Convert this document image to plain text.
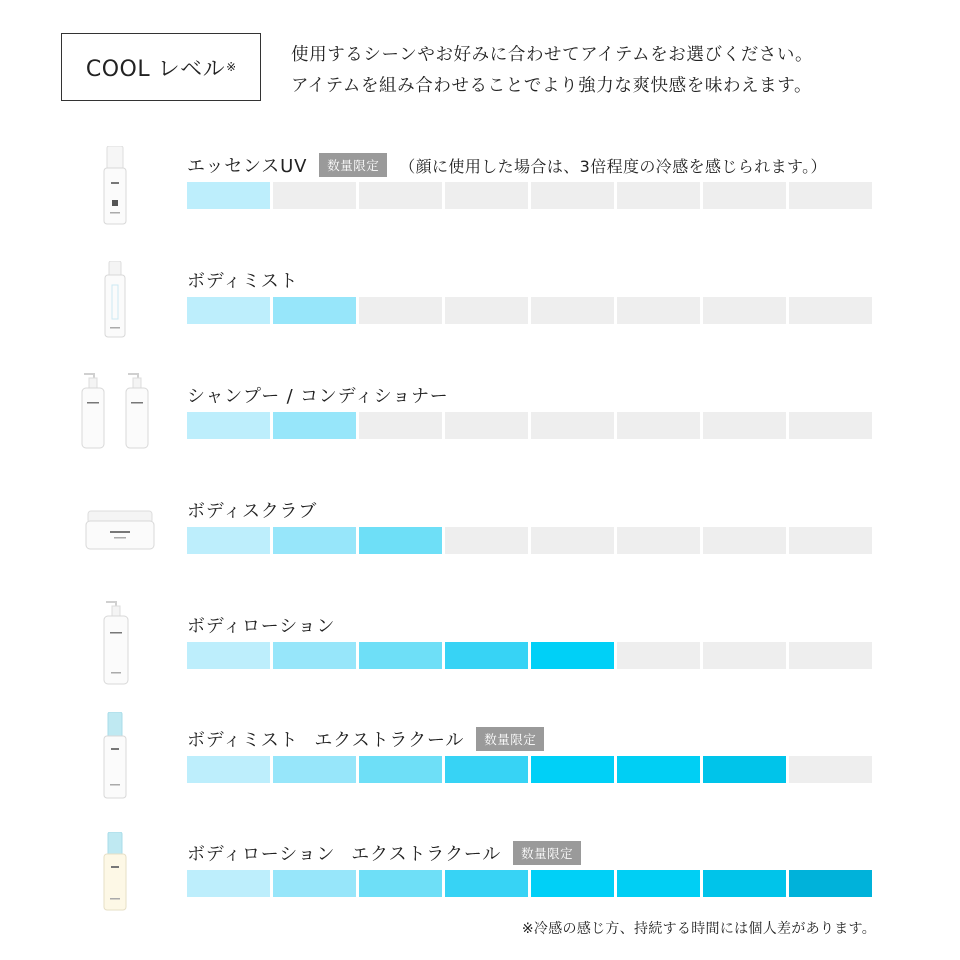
COOL レベル ※

使用するシーンやお好みに合わせてアイテムをお選びください。
アイテムを組み合わせることでより強力な爽快感を味わえます。

エッセンスUV	数量限定	（顔に使用した場合は、3倍程度の冷感を感じられます。）
ボディミスト
シャンプー / コンディショナー
ボディスクラブ
ボディローション
ボディミスト エクストラクール	数量限定
ボディローション エクストラクール	数量限定
※冷感の感じ方、持続する時間には個人差があります。
